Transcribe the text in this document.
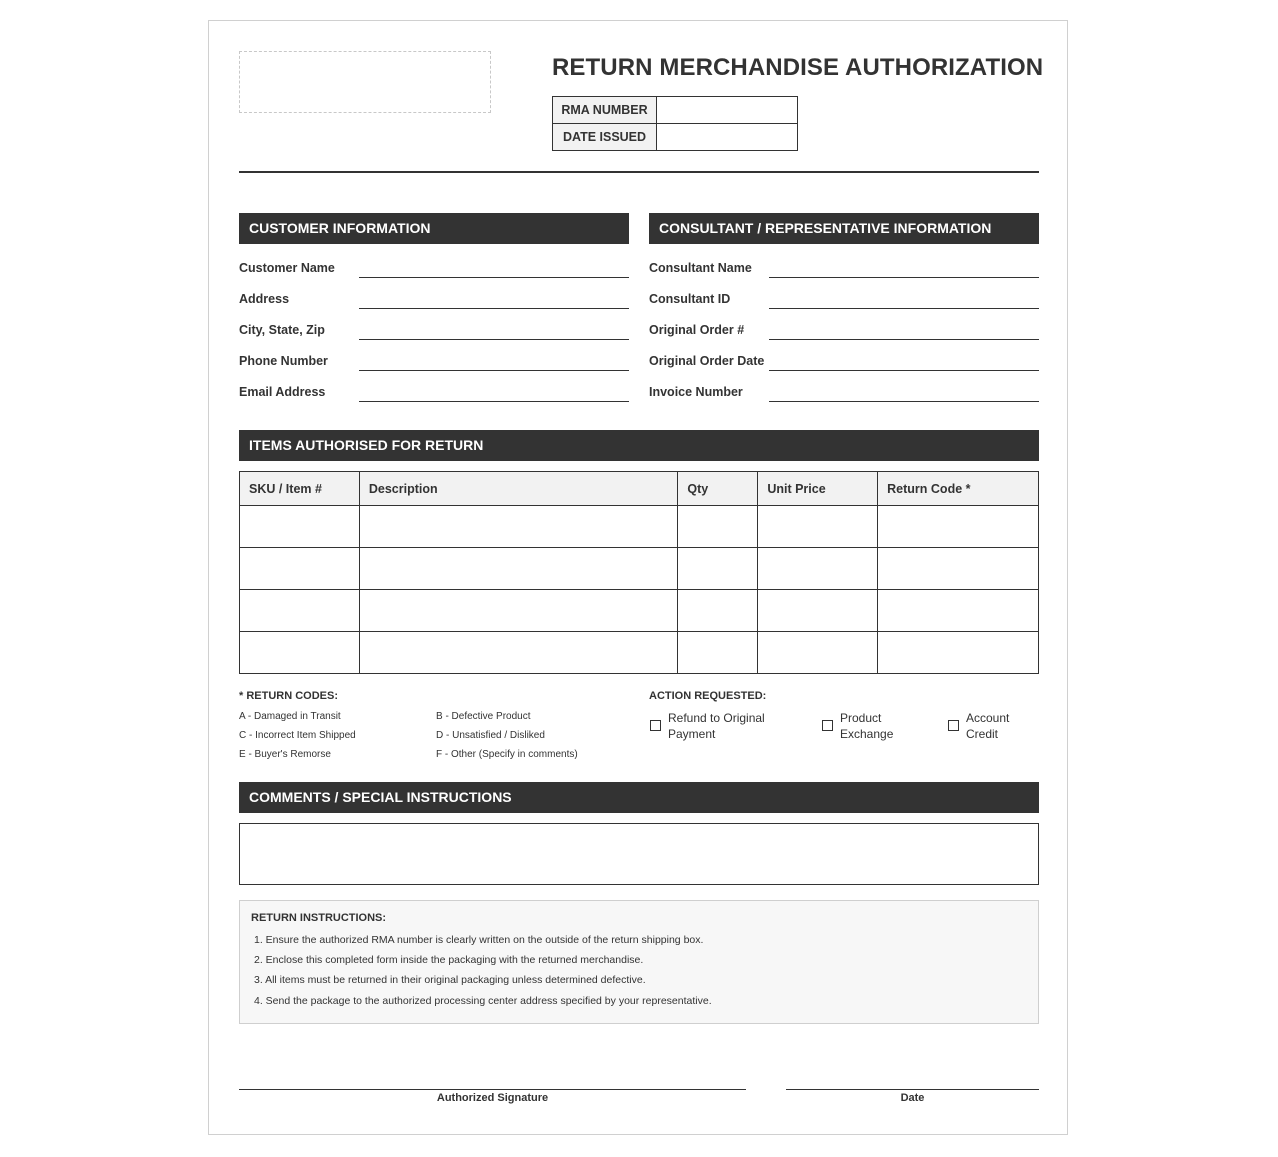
RETURN MERCHANDISE AUTHORIZATION
RMA NUMBER	
DATE ISSUED	
CUSTOMER INFORMATION
Customer Name
Address
City, State, Zip
Phone Number
Email Address
CONSULTANT / REPRESENTATIVE INFORMATION
Consultant Name
Consultant ID
Original Order #
Original Order Date
Invoice Number
ITEMS AUTHORISED FOR RETURN
SKU / Item #	Description	Qty	Unit Price	Return Code *

* RETURN CODES:
A - Damaged in Transit	B - Defective Product
C - Incorrect Item Shipped	D - Unsatisfied / Disliked
E - Buyer's Remorse	F - Other (Specify in comments)
ACTION REQUESTED:
Refund to Original
Payment
Product
Exchange
Account
Credit
COMMENTS / SPECIAL INSTRUCTIONS
RETURN INSTRUCTIONS:
1. Ensure the authorized RMA number is clearly written on the outside of the return shipping box.
2. Enclose this completed form inside the packaging with the returned merchandise.
3. All items must be returned in their original packaging unless determined defective.
4. Send the package to the authorized processing center address specified by your representative.
Authorized Signature	Date
